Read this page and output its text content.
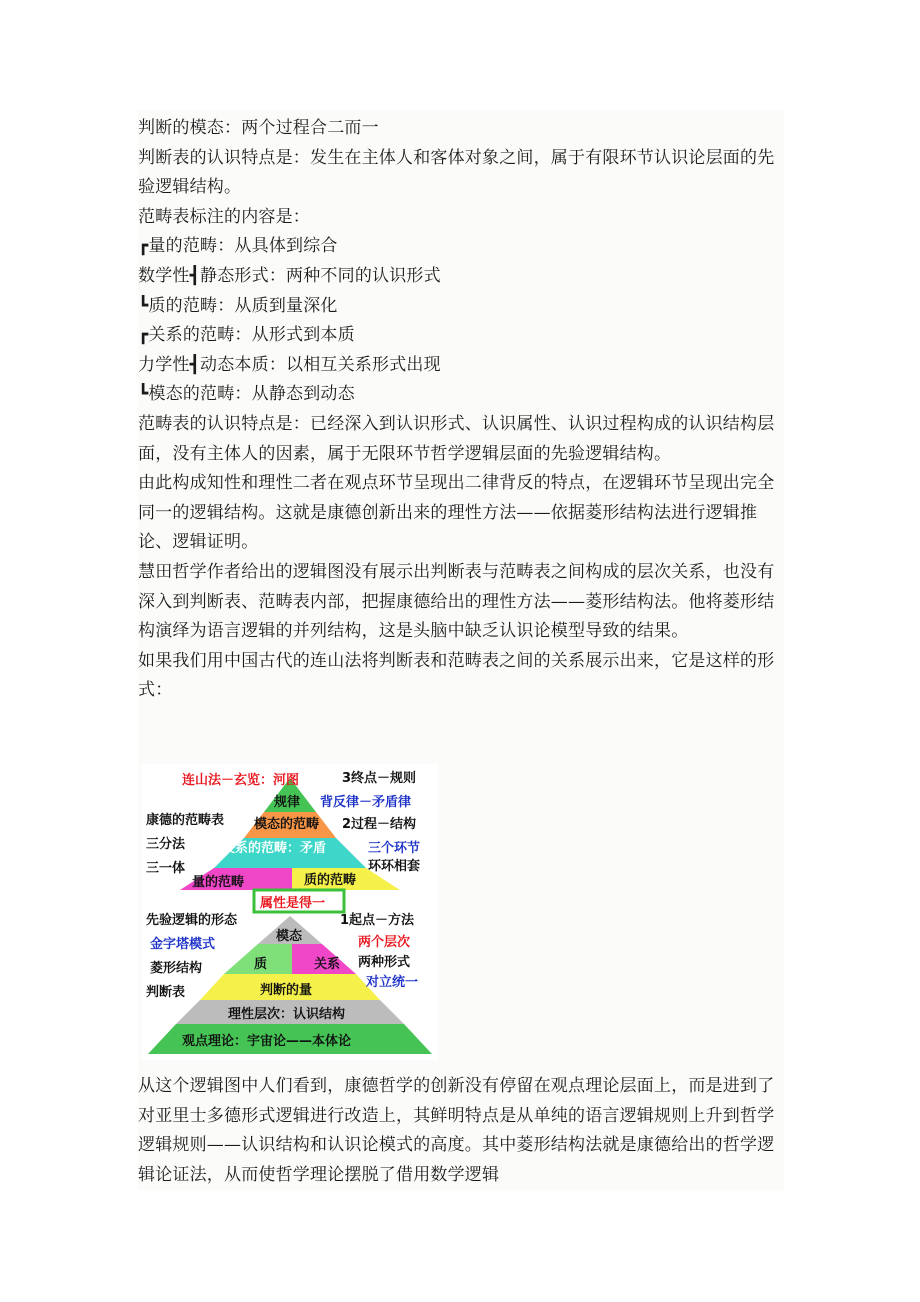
判断的模态：两个过程合二而一

判断表的认识特点是：发生在主体人和客体对象之间，属于有限环节认识论层面的先验逻辑结构。

范畴表标注的内容是：

┏量的范畴：从具体到综合

数学性┫静态形式：两种不同的认识形式

┗质的范畴：从质到量深化

┏关系的范畴：从形式到本质

力学性┫动态本质：以相互关系形式出现

┗模态的范畴：从静态到动态

范畴表的认识特点是：已经深入到认识形式、认识属性、认识过程构成的认识结构层面，没有主体人的因素，属于无限环节哲学逻辑层面的先验逻辑结构。

由此构成知性和理性二者在观点环节呈现出二律背反的特点，在逻辑环节呈现出完全同一的逻辑结构。这就是康德创新出来的理性方法——依据菱形结构法进行逻辑推论、逻辑证明。

慧田哲学作者给出的逻辑图没有展示出判断表与范畴表之间构成的层次关系，也没有深入到判断表、范畴表内部，把握康德给出的理性方法——菱形结构法。他将菱形结构演绎为语言逻辑的并列结构，这是头脑中缺乏认识论模型导致的结果。

如果我们用中国古代的连山法将判断表和范畴表之间的关系展示出来，它是这样的形式：

连山法－玄览：河图	3终点－规则
规律 背反律－矛盾律
康德的范畴表 模态的范畴 2过程－结构
三分法	关系的范畴：矛盾	三个环节
三一体	环环相套
量的范畴	质的范畴
属性是得一
先验逻辑的形态	1起点－方法
模态	两个层次
金字塔模式
质	关系 两种形式
菱形结构
对立统一
判断表	判断的量
理性层次：认识结构
观点理论：宇宙论——本体论

从这个逻辑图中人们看到，康德哲学的创新没有停留在观点理论层面上，而是进到了对亚里士多德形式逻辑进行改造上，其鲜明特点是从单纯的语言逻辑规则上升到哲学逻辑规则——认识结构和认识论模式的高度。其中菱形结构法就是康德给出的哲学逻辑论证法，从而使哲学理论摆脱了借用数学逻辑
